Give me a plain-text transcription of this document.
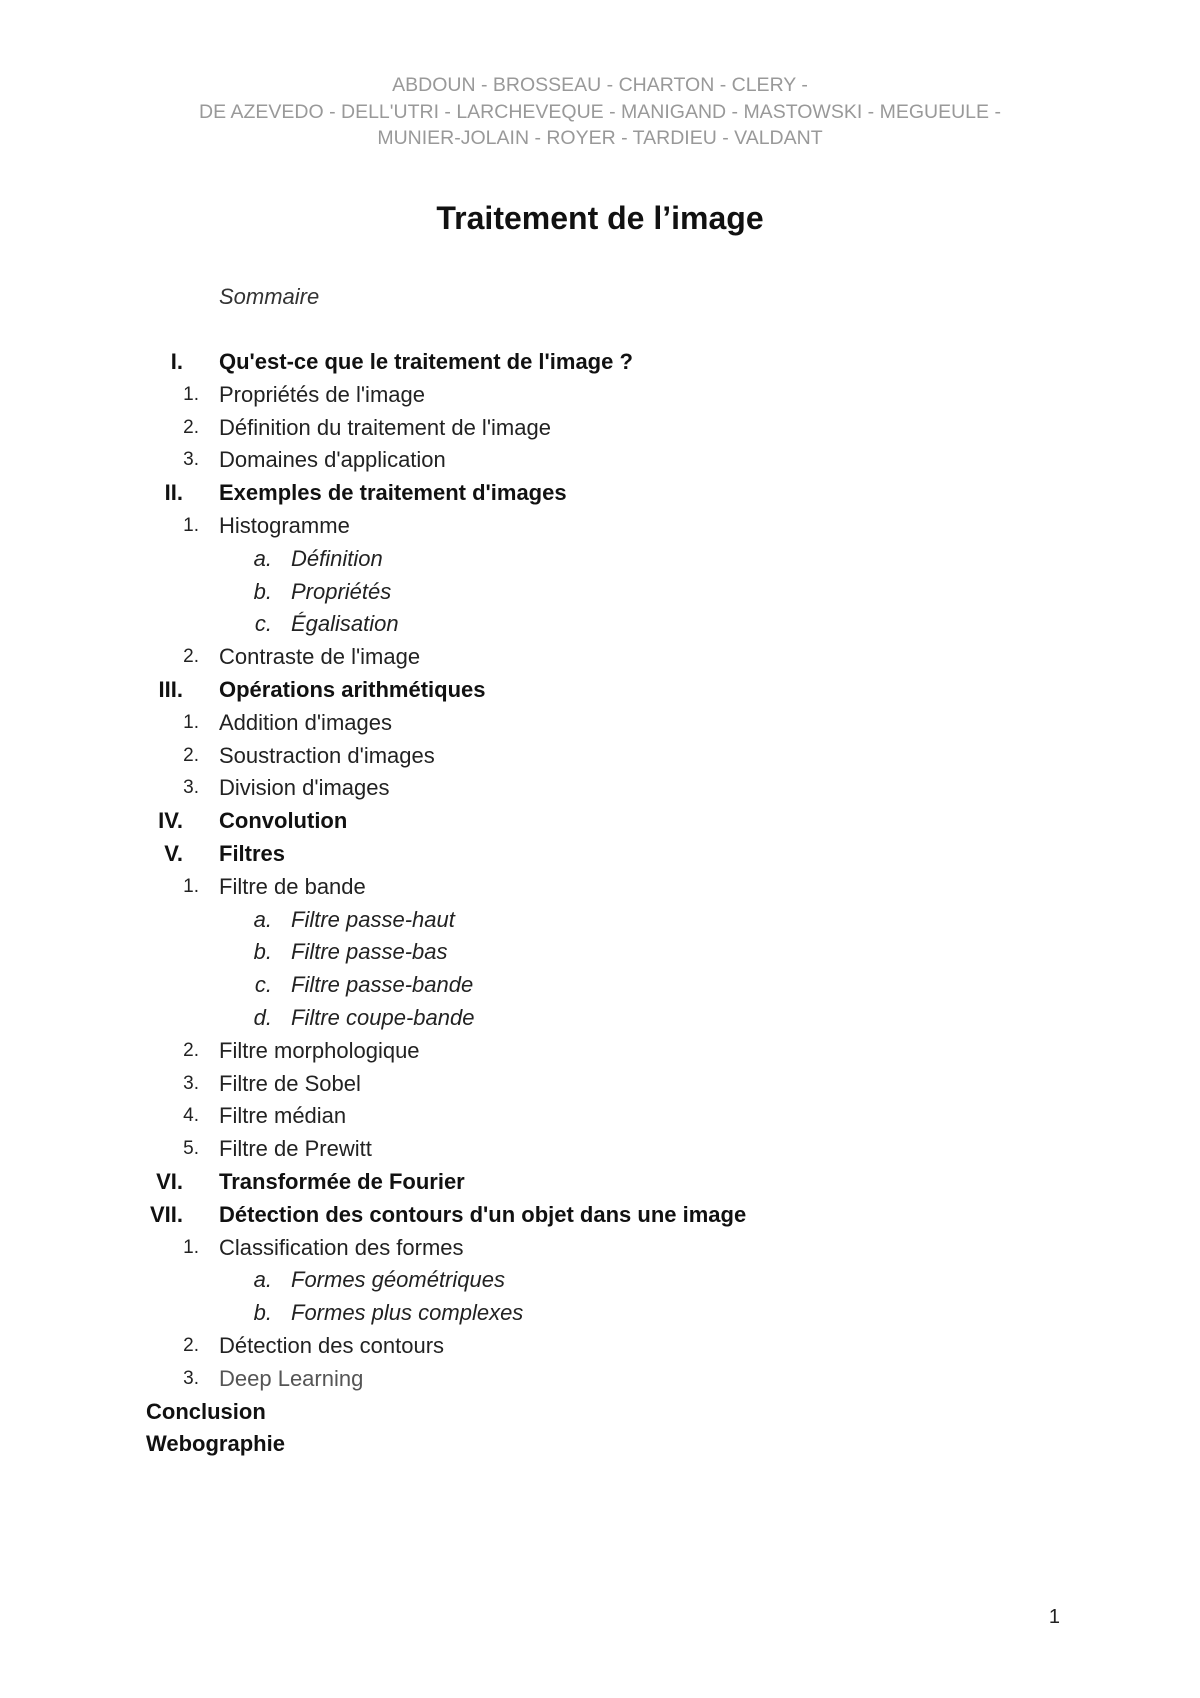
ABDOUN - BROSSEAU - CHARTON - CLERY -
DE AZEVEDO - DELL'UTRI - LARCHEVEQUE - MANIGAND - MASTOWSKI - MEGUEULE -
MUNIER-JOLAIN - ROYER - TARDIEU - VALDANT
Traitement de l’image
Sommaire
I. Qu'est-ce que le traitement de l'image ?
1. Propriétés de l'image
2. Définition du traitement de l'image
3. Domaines d'application
II. Exemples de traitement d'images
1. Histogramme
a. Définition
b. Propriétés
c. Égalisation
2. Contraste de l'image
III. Opérations arithmétiques
1. Addition d'images
2. Soustraction d'images
3. Division d'images
IV. Convolution
V. Filtres
1. Filtre de bande
a. Filtre passe-haut
b. Filtre passe-bas
c. Filtre passe-bande
d. Filtre coupe-bande
2. Filtre morphologique
3. Filtre de Sobel
4. Filtre médian
5. Filtre de Prewitt
VI. Transformée de Fourier
VII. Détection des contours d'un objet dans une image
1. Classification des formes
a. Formes géométriques
b. Formes plus complexes
2. Détection des contours
3. Deep Learning
Conclusion
Webographie
1
